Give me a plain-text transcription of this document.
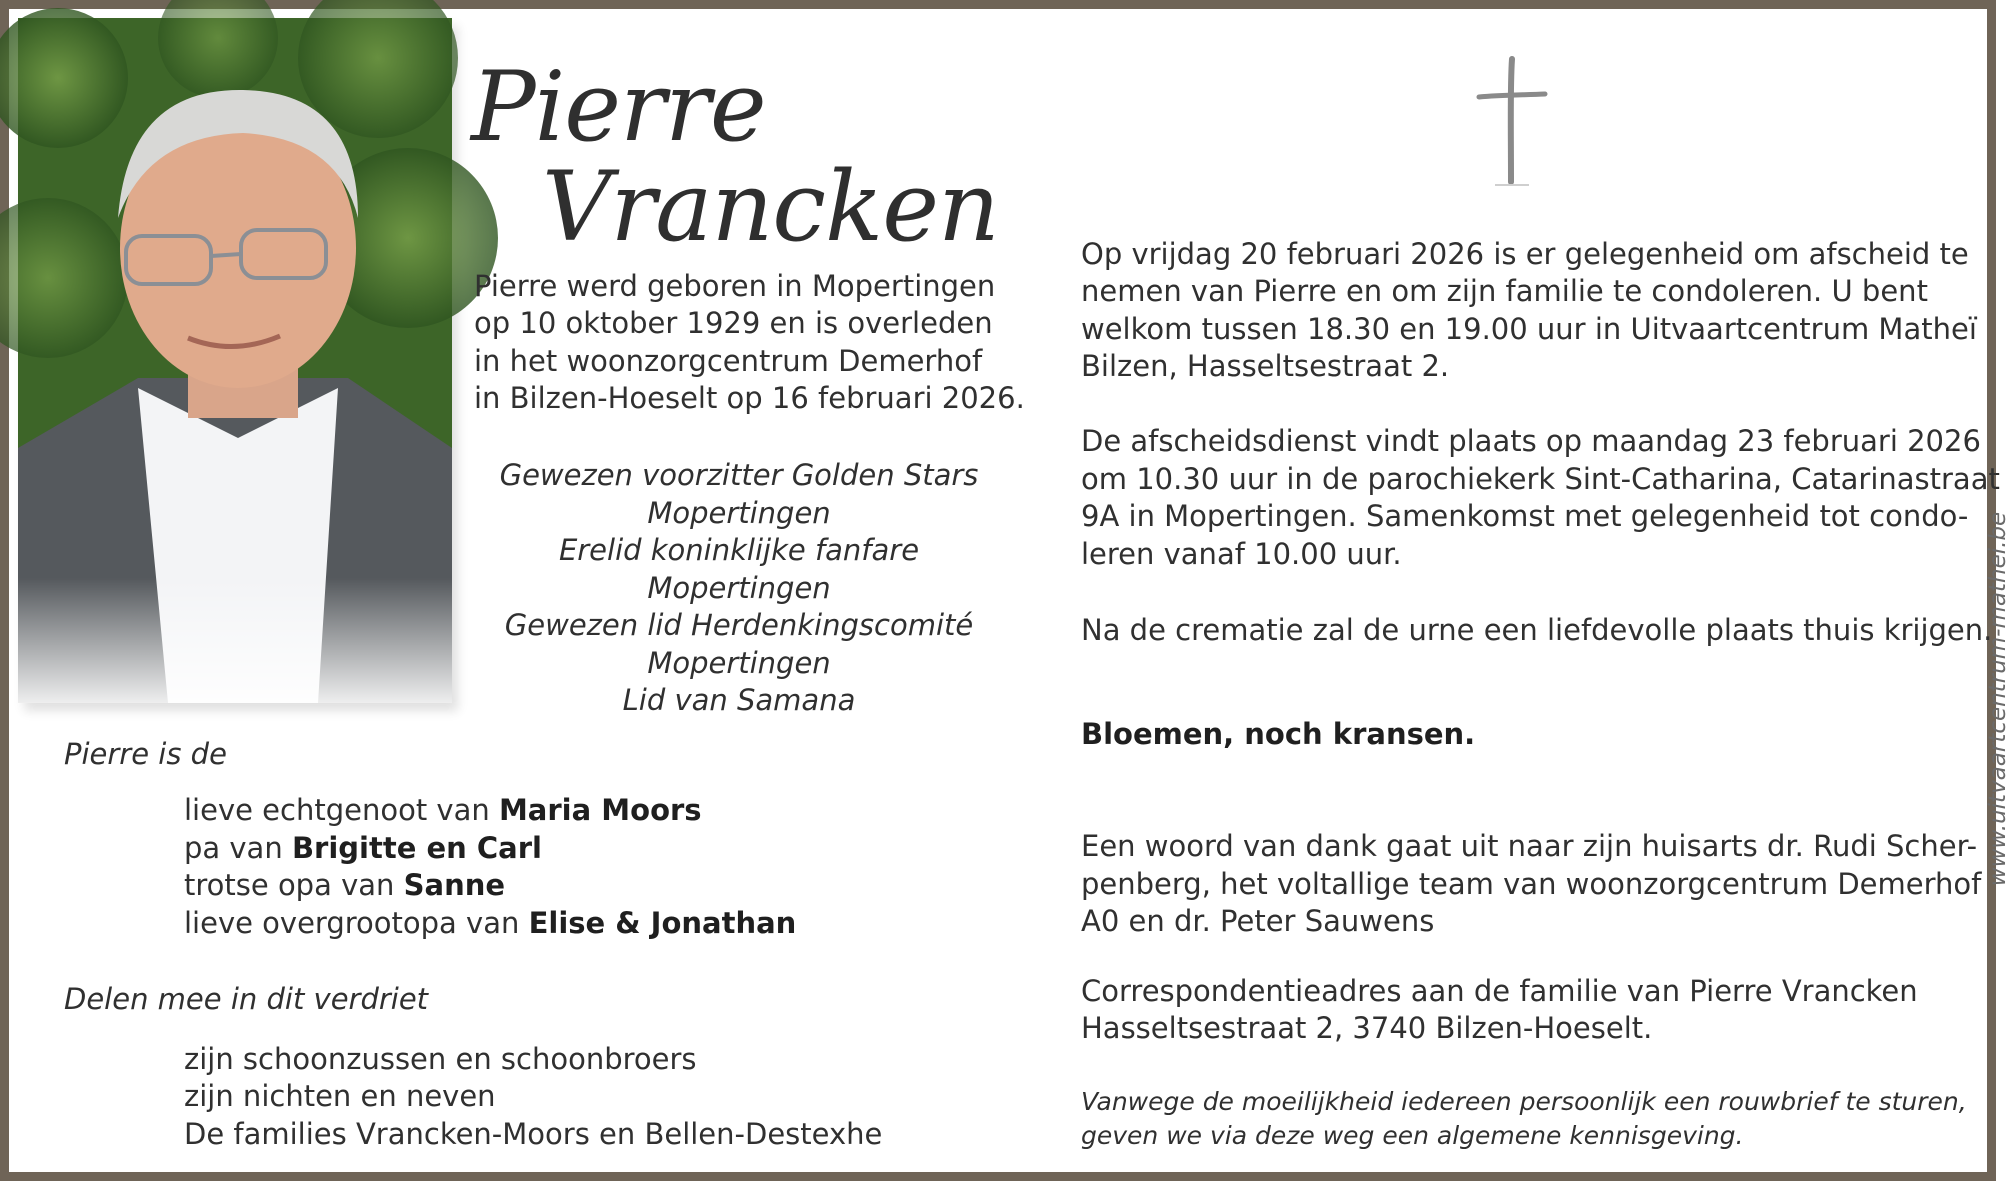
Pierre
Vrancken
Pierre werd geboren in Mopertingen
op 10 oktober 1929 en is overleden
in het woonzorgcentrum Demerhof
in Bilzen-Hoeselt op 16 februari 2026.
Gewezen voorzitter Golden Stars
Mopertingen
Erelid koninklijke fanfare
Mopertingen
Gewezen lid Herdenkingscomité
Mopertingen
Lid van Samana
Pierre is de
lieve echtgenoot van Maria Moors
pa van Brigitte en Carl
trotse opa van Sanne
lieve overgrootopa van Elise & Jonathan
Delen mee in dit verdriet
zijn schoonzussen en schoonbroers
zijn nichten en neven
De families Vrancken-Moors en Bellen-Destexhe
Op vrijdag 20 februari 2026 is er gelegenheid om afscheid te
nemen van Pierre en om zijn familie te condoleren. U bent
welkom tussen 18.30 en 19.00 uur in Uitvaartcentrum Matheï
Bilzen, Hasseltsestraat 2.
De afscheidsdienst vindt plaats op maandag 23 februari 2026
om 10.30 uur in de parochiekerk Sint-Catharina, Catarinastraat
9A in Mopertingen. Samenkomst met gelegenheid tot condo-
leren vanaf 10.00 uur.
Na de crematie zal de urne een liefdevolle plaats thuis krijgen.
Bloemen, noch kransen.
Een woord van dank gaat uit naar zijn huisarts dr. Rudi Scher-
penberg, het voltallige team van woonzorgcentrum Demerhof
A0 en dr. Peter Sauwens
Correspondentieadres aan de familie van Pierre Vrancken
Hasseltsestraat 2, 3740 Bilzen-Hoeselt.
Vanwege de moeilijkheid iedereen persoonlijk een rouwbrief te sturen,
geven we via deze weg een algemene kennisgeving.
www.uitvaartcentrum-mathei.be
